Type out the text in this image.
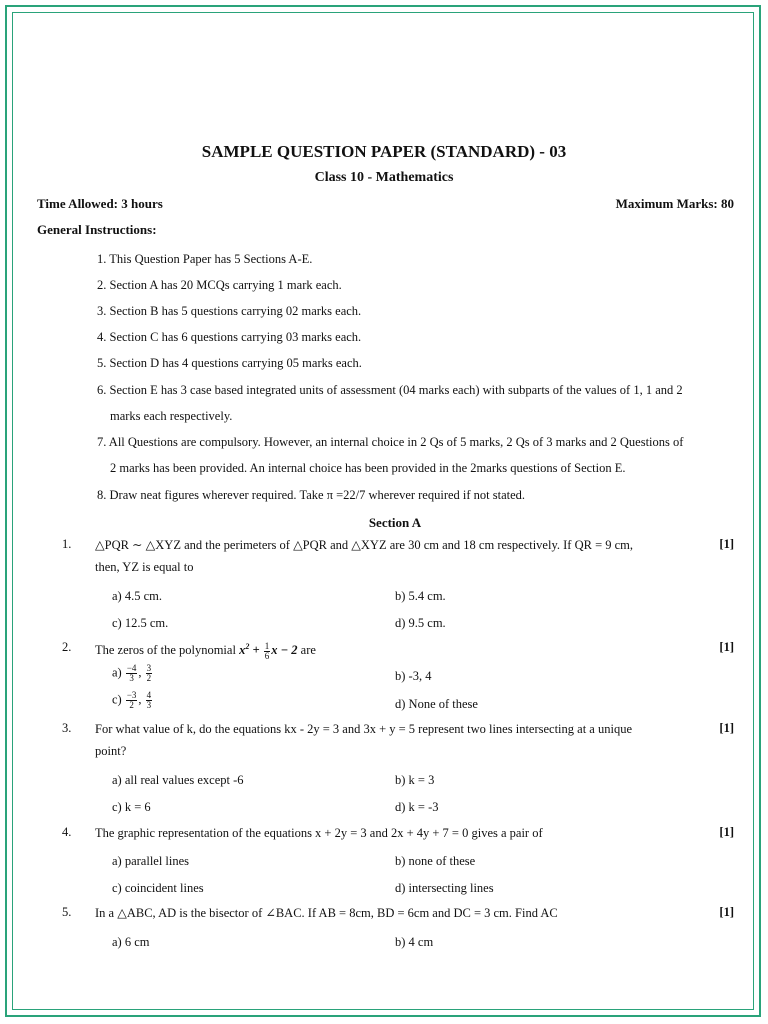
SAMPLE QUESTION PAPER (STANDARD) - 03
Class 10 - Mathematics
Time Allowed: 3 hours	Maximum Marks: 80
General Instructions:
1. This Question Paper has 5 Sections A-E.
2. Section A has 20 MCQs carrying 1 mark each.
3. Section B has 5 questions carrying 02 marks each.
4. Section C has 6 questions carrying 03 marks each.
5. Section D has 4 questions carrying 05 marks each.
6. Section E has 3 case based integrated units of assessment (04 marks each) with subparts of the values of 1, 1 and 2
marks each respectively.
7. All Questions are compulsory. However, an internal choice in 2 Qs of 5 marks, 2 Qs of 3 marks and 2 Questions of
2 marks has been provided. An internal choice has been provided in the 2marks questions of Section E.
8. Draw neat figures wherever required. Take π =22/7 wherever required if not stated.
Section A
1. △PQR ∼ △XYZ and the perimeters of △PQR and △XYZ are 30 cm and 18 cm respectively. If QR = 9 cm,
then, YZ is equal to
[1]
a) 4.5 cm.	b) 5.4 cm.
c) 12.5 cm.	d) 9.5 cm.
2. The zeros of the polynomial $x^2 + \frac{1}{6}$ x − 2 are	[1]
$a) \frac{-4}{3}$ , $\frac{3}{2}$	b) -3, 4
$c) \frac{-3}{2}$ , $\frac{4}{3}$	d) None of these
3. For what value of k, do the equations kx - 2y = 3 and 3x + y = 5 represent two lines intersecting at a unique
point?
[1]
a) all real values except -6	b) k = 3
c) k = 6	d) k = -3
4. The graphic representation of the equations x + 2y = 3 and 2x + 4y + 7 = 0 gives a pair of	[1]
a) parallel lines	b) none of these
c) coincident lines	d) intersecting lines
5. In a △ABC, AD is the bisector of ∠BAC. If AB = 8cm, BD = 6cm and DC = 3 cm. Find AC	[1]
a) 6 cm	b) 4 cm
